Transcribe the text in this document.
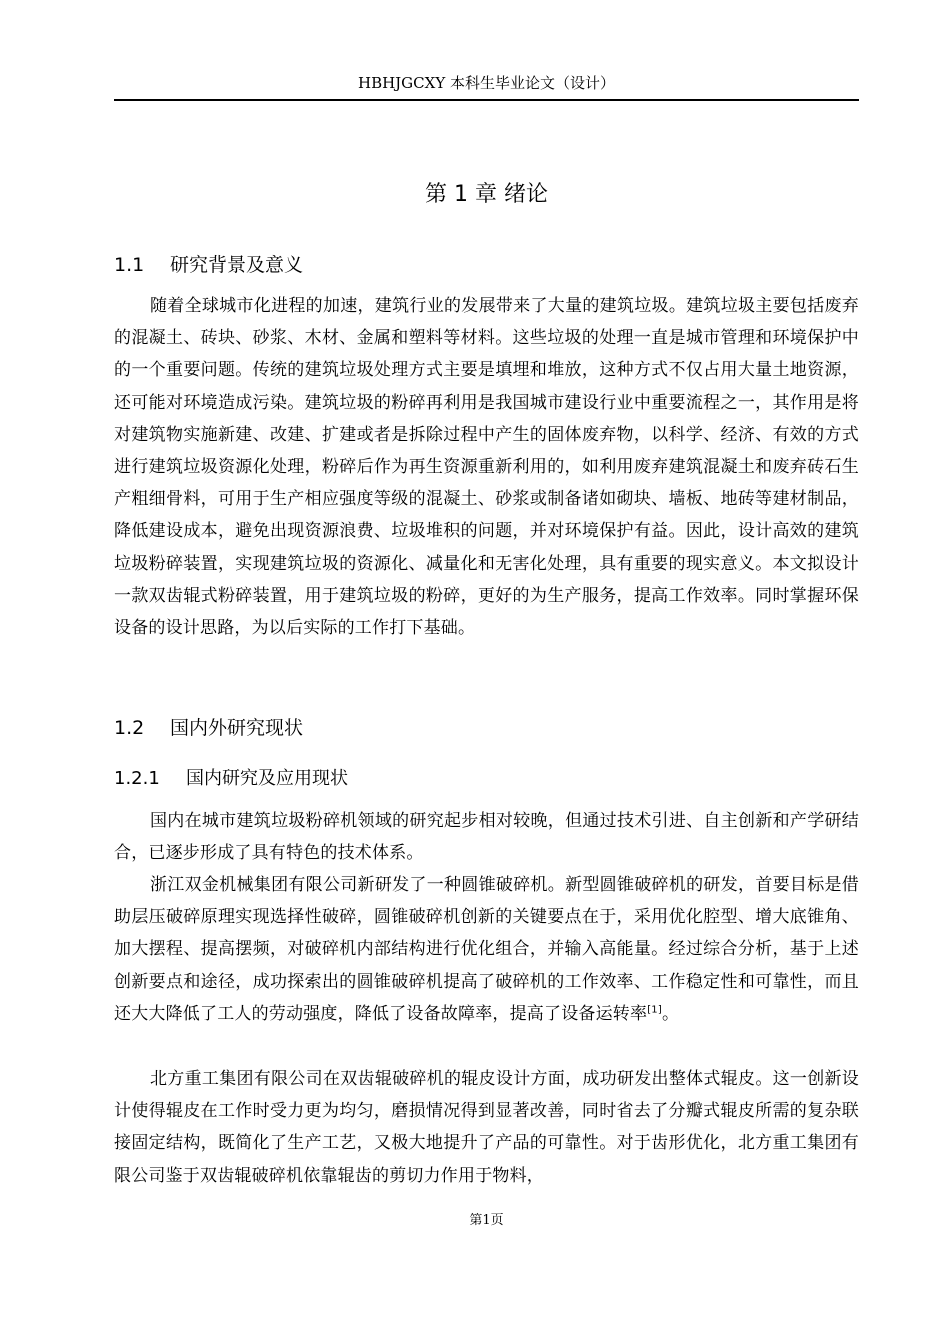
HBHJGCXY 本科生毕业论文（设计）
第 1 章 绪论
1.1 研究背景及意义

随着全球城市化进程的加速，建筑行业的发展带来了大量的建筑垃圾。建筑垃圾主要包括废弃的混凝土、砖块、砂浆、木材、金属和塑料等材料。这些垃圾的处理一直是城市管理和环境保护中的一个重要问题。传统的建筑垃圾处理方式主要是填埋和堆放，这种方式不仅占用大量土地资源，还可能对环境造成污染。建筑垃圾的粉碎再利用是我国城市建设行业中重要流程之一，其作用是将对建筑物实施新建、改建、扩建或者是拆除过程中产生的固体废弃物，以科学、经济、有效的方式进行建筑垃圾资源化处理，粉碎后作为再生资源重新利用的，如利用废弃建筑混凝土和废弃砖石生产粗细骨料，可用于生产相应强度等级的混凝土、砂浆或制备诸如砌块、墙板、地砖等建材制品，降低建设成本，避免出现资源浪费、垃圾堆积的问题，并对环境保护有益。因此，设计高效的建筑垃圾粉碎装置，实现建筑垃圾的资源化、减量化和无害化处理，具有重要的现实意义。本文拟设计一款双齿辊式粉碎装置，用于建筑垃圾的粉碎，更好的为生产服务，提高工作效率。同时掌握环保设备的设计思路，为以后实际的工作打下基础。

1.2 国内外研究现状
1.2.1 国内研究及应用现状

国内在城市建筑垃圾粉碎机领域的研究起步相对较晚，但通过技术引进、自主创新和产学研结合，已逐步形成了具有特色的技术体系。

浙江双金机械集团有限公司新研发了一种圆锥破碎机。新型圆锥破碎机的研发，首要目标是借助层压破碎原理实现选择性破碎，圆锥破碎机创新的关键要点在于，采用优化腔型、增大底锥角、加大摆程、提高摆频，对破碎机内部结构进行优化组合，并输入高能量。经过综合分析，基于上述创新要点和途径，成功探索出的圆锥破碎机提高了破碎机的工作效率、工作稳定性和可靠性，而且还大大降低了工人的劳动强度，降低了设备故障率，提高了设备运转率[1]。

北方重工集团有限公司在双齿辊破碎机的辊皮设计方面，成功研发出整体式辊皮。这一创新设计使得辊皮在工作时受力更为均匀，磨损情况得到显著改善，同时省去了分瓣式辊皮所需的复杂联接固定结构，既简化了生产工艺，又极大地提升了产品的可靠性。对于齿形优化，北方重工集团有限公司鉴于双齿辊破碎机依靠辊齿的剪切力作用于物料，

第1页
